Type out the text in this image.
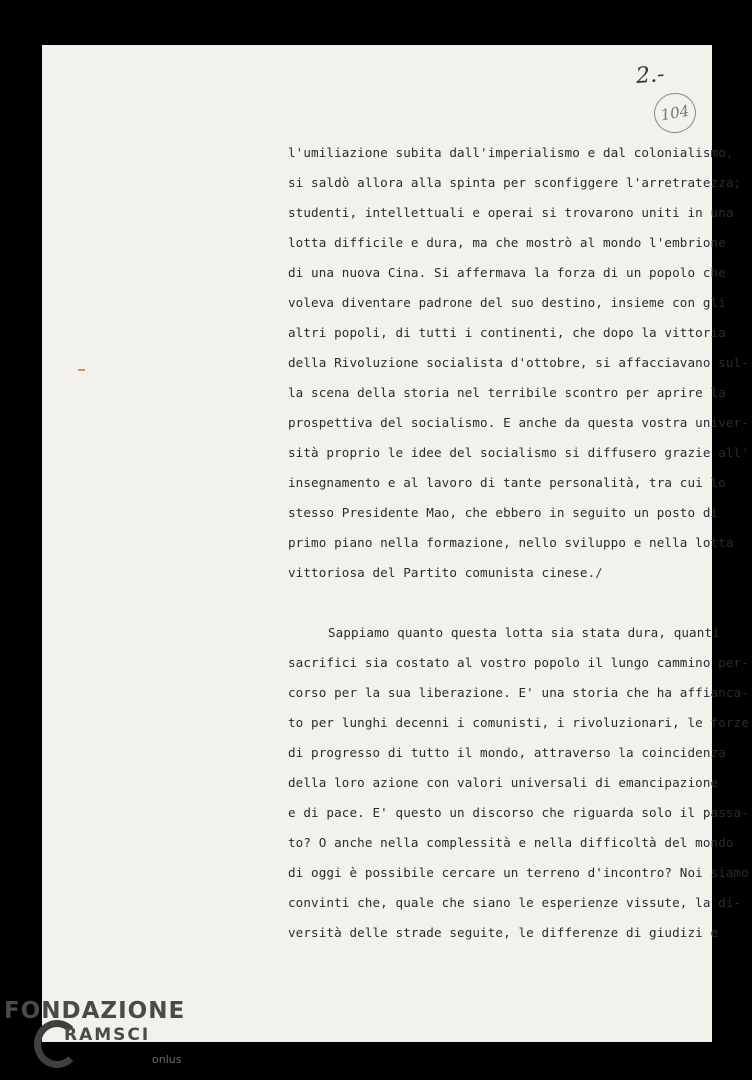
2.-
104
l'umiliazione subita dall'imperialismo e dal colonialismo,
si saldò allora alla spinta per sconfiggere l'arretratezza;
studenti, intellettuali e operai si trovarono uniti in una
lotta difficile e dura, ma che mostrò al mondo l'embrione
di una nuova Cina. Si affermava la forza di un popolo che
voleva diventare padrone del suo destino, insieme con gli
altri popoli, di tutti i continenti, che dopo la vittoria
della Rivoluzione socialista d'ottobre, si affacciavano sul-
la scena della storia nel terribile scontro per aprire la
prospettiva del socialismo. E anche da questa vostra univer-
sità proprio le idee del socialismo si diffusero grazie all'
insegnamento e al lavoro di tante personalità, tra cui lo
stesso Presidente Mao, che ebbero in seguito un posto di
primo piano nella formazione, nello sviluppo e nella lotta
vittoriosa del Partito comunista cinese.∕
Sappiamo quanto questa lotta sia stata dura, quanti
sacrifici sia costato al vostro popolo il lungo cammino per-
corso per la sua liberazione. E' una storia che ha affianca-
to per lunghi decenni i comunisti, i rivoluzionari, le forze
di progresso di tutto il mondo, attraverso la coincidenza
della loro azione con valori universali di emancipazione
e di pace. E' questo un discorso che riguarda solo il passa-
to? O anche nella complessità e nella difficoltà del mondo
di oggi è possibile cercare un terreno d'incontro? Noi siamo
convinti che, quale che siano le esperienze vissute, la di-
versità delle strade seguite, le differenze di giudizi e
FONDAZIONE
RAMSCI
onlus
